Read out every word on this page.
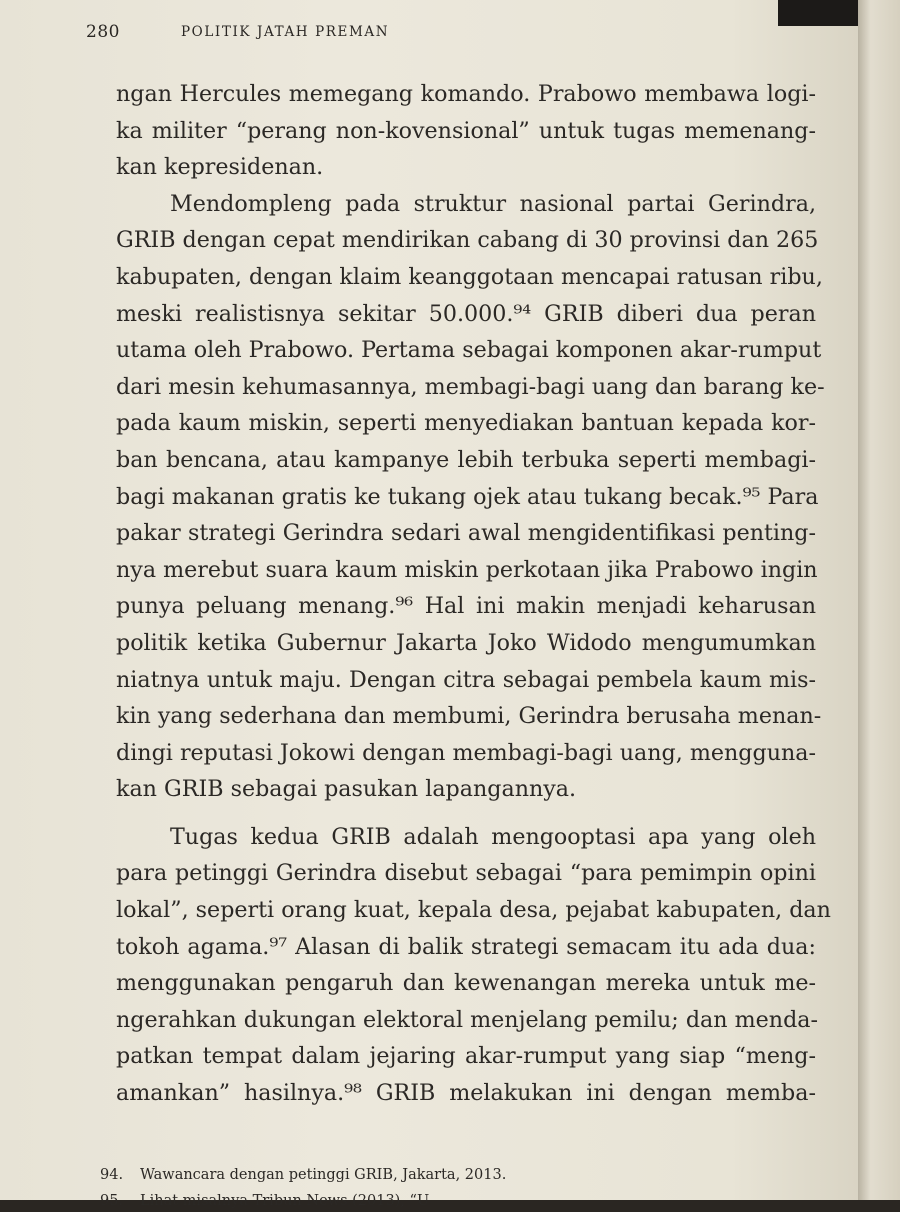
280	POLITIK JATAH PREMAN
ngan Hercules memegang komando. Prabowo membawa logi-
ka militer “perang non-kovensional” untuk tugas memenang-
kan kepresidenan.
Mendompleng pada struktur nasional partai Gerindra,
GRIB dengan cepat mendirikan cabang di 30 provinsi dan 265
kabupaten, dengan klaim keanggotaan mencapai ratusan ribu,
meski realistisnya sekitar 50.000.⁹⁴ GRIB diberi dua peran
utama oleh Prabowo. Pertama sebagai komponen akar-rumput
dari mesin kehumasannya, membagi-bagi uang dan barang ke-
pada kaum miskin, seperti menyediakan bantuan kepada kor-
ban bencana, atau kampanye lebih terbuka seperti membagi-
bagi makanan gratis ke tukang ojek atau tukang becak.⁹⁵ Para
pakar strategi Gerindra sedari awal mengidentifikasi penting-
nya merebut suara kaum miskin perkotaan jika Prabowo ingin
punya peluang menang.⁹⁶ Hal ini makin menjadi keharusan
politik ketika Gubernur Jakarta Joko Widodo mengumumkan
niatnya untuk maju. Dengan citra sebagai pembela kaum mis-
kin yang sederhana dan membumi, Gerindra berusaha menan-
dingi reputasi Jokowi dengan membagi-bagi uang, mengguna-
kan GRIB sebagai pasukan lapangannya.
Tugas kedua GRIB adalah mengooptasi apa yang oleh
para petinggi Gerindra disebut sebagai “para pemimpin opini
lokal”, seperti orang kuat, kepala desa, pejabat kabupaten, dan
tokoh agama.⁹⁷ Alasan di balik strategi semacam itu ada dua:
menggunakan pengaruh dan kewenangan mereka untuk me-
ngerahkan dukungan elektoral menjelang pemilu; dan menda-
patkan tempat dalam jejaring akar-rumput yang siap “meng-
amankan” hasilnya.⁹⁸ GRIB melakukan ini dengan memba-
94. Wawancara dengan petinggi GRIB, Jakarta, 2013.
95. Lihat misalnya Tribun News (2013), “U
